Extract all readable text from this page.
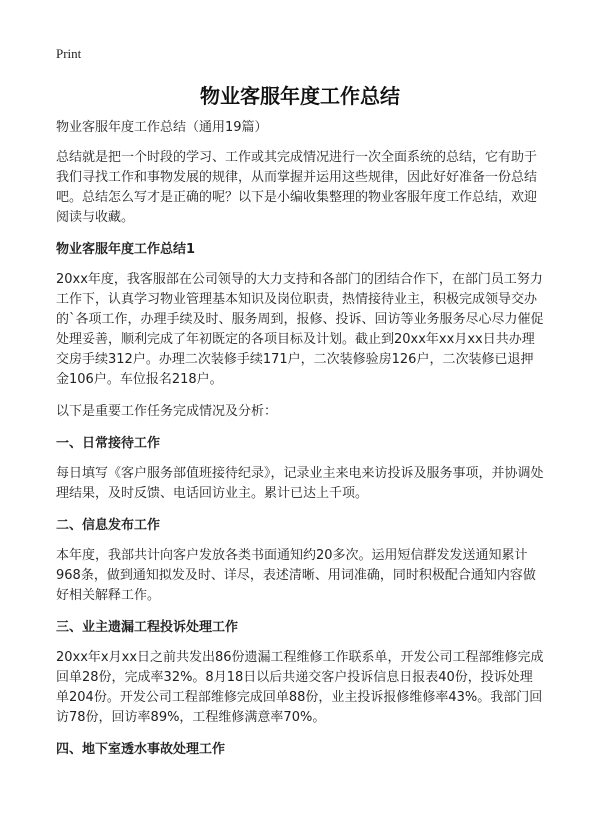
Print
物业客服年度工作总结

物业客服年度工作总结（通用19篇）

总结就是把一个时段的学习、工作或其完成情况进行一次全面系统的总结，它有助于我们寻找工作和事物发展的规律，从而掌握并运用这些规律，因此好好准备一份总结吧。总结怎么写才是正确的呢？以下是小编收集整理的物业客服年度工作总结，欢迎阅读与收藏。

物业客服年度工作总结1

20xx年度，我客服部在公司领导的大力支持和各部门的团结合作下，在部门员工努力工作下，认真学习物业管理基本知识及岗位职责，热情接待业主，积极完成领导交办的`各项工作，办理手续及时、服务周到，报修、投诉、回访等业务服务尽心尽力催促处理妥善，顺利完成了年初既定的各项目标及计划。截止到20xx年xx月xx日共办理交房手续312户。办理二次装修手续171户，二次装修验房126户，二次装修已退押金106户。车位报名218户。

以下是重要工作任务完成情况及分析：

一、日常接待工作

每日填写《客户服务部值班接待纪录》，记录业主来电来访投诉及服务事项，并协调处理结果，及时反馈、电话回访业主。累计已达上千项。

二、信息发布工作

本年度，我部共计向客户发放各类书面通知约20多次。运用短信群发发送通知累计968条，做到通知拟发及时、详尽，表述清晰、用词准确，同时积极配合通知内容做好相关解释工作。

三、业主遗漏工程投诉处理工作

20xx年x月xx日之前共发出86份遗漏工程维修工作联系单，开发公司工程部维修完成回单28份，完成率32%。8月18日以后共递交客户投诉信息日报表40份，投诉处理单204份。开发公司工程部维修完成回单88份，业主投诉报修维修率43%。我部门回访78份，回访率89%，工程维修满意率70%。

四、地下室透水事故处理工作
